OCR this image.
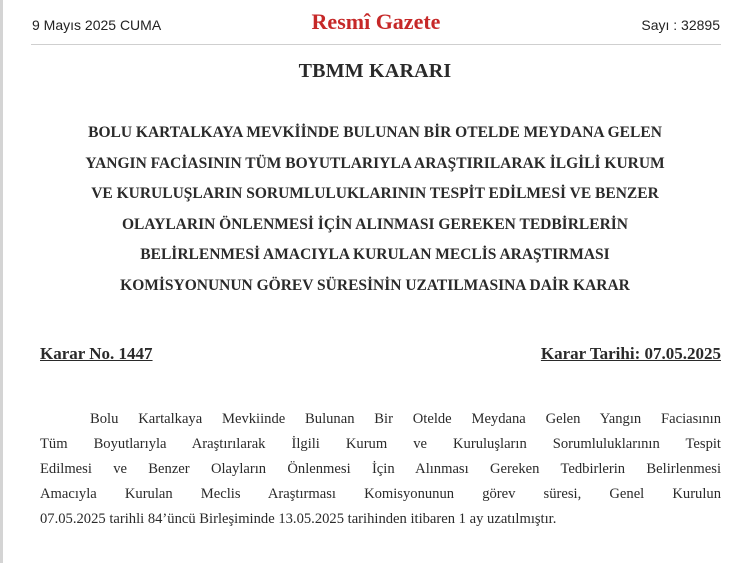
9 Mayıs 2025 CUMA	Resmî Gazete	Sayı : 32895
TBMM KARARI
BOLU KARTALKAYA MEVKİİNDE BULUNAN BİR OTELDE MEYDANA GELEN
YANGIN FACİASININ TÜM BOYUTLARIYLA ARAŞTIRILARAK İLGİLİ KURUM
VE KURULUŞLARIN SORUMLULUKLARININ TESPİT EDİLMESİ VE BENZER
OLAYLARIN ÖNLENMESİ İÇİN ALINMASI GEREKEN TEDBİRLERİN
BELİRLENMESİ AMACIYLA KURULAN MECLİS ARAŞTIRMASI
KOMİSYONUNUN GÖREV SÜRESİNİN UZATILMASINA DAİR KARAR
Karar No. 1447	Karar Tarihi: 07.05.2025
Bolu Kartalkaya Mevkiinde Bulunan Bir Otelde Meydana Gelen Yangın Faciasının
Tüm Boyutlarıyla Araştırılarak İlgili Kurum ve Kuruluşların Sorumluluklarının Tespit
Edilmesi ve Benzer Olayların Önlenmesi İçin Alınması Gereken Tedbirlerin Belirlenmesi
Amacıyla Kurulan Meclis Araştırması Komisyonunun görev süresi, Genel Kurulun
07.05.2025 tarihli 84’üncü Birleşiminde 13.05.2025 tarihinden itibaren 1 ay uzatılmıştır.
